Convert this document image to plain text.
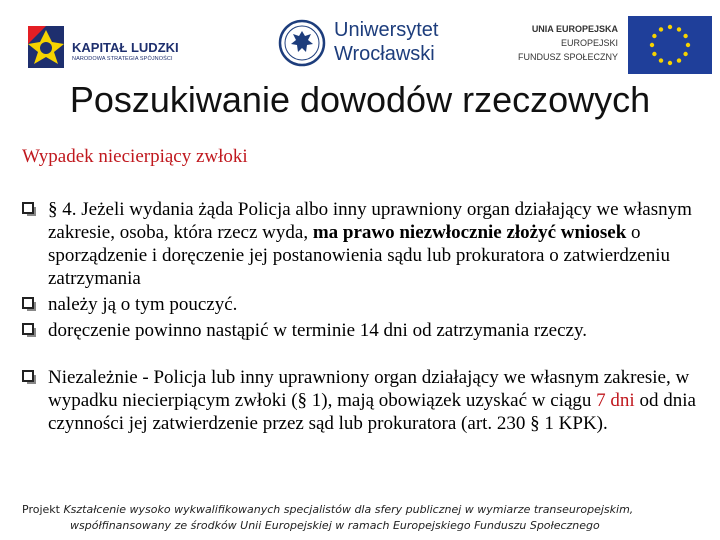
KAPITAŁ LUDZKI
NARODOWA STRATEGIA SPÓJNOŚCI
Uniwersytet
Wrocławski
UNIA EUROPEJSKA
EUROPEJSKI
FUNDUSZ SPOŁECZNY
Poszukiwanie dowodów rzeczowych
Wypadek niecierpiący zwłoki
§ 4. Jeżeli wydania żąda Policja albo inny uprawniony organ działający we własnym zakresie, osoba, która rzecz wyda, ma prawo niezwłocznie złożyć wniosek o sporządzenie i doręczenie jej postanowienia sądu lub prokuratora o zatwierdzeniu zatrzymania
należy ją o tym pouczyć.
doręczenie powinno nastąpić w terminie 14 dni od zatrzymania rzeczy.
Niezależnie - Policja lub inny uprawniony organ działający we własnym zakresie, w wypadku niecierpiącym zwłoki (§ 1), mają obowiązek uzyskać w ciągu 7 dni od dnia czynności jej zatwierdzenie przez sąd lub prokuratora (art. 230 § 1 KPK).
Projekt Kształcenie wysoko wykwalifikowanych specjalistów dla sfery publicznej w wymiarze transeuropejskim,
współfinansowany ze środków Unii Europejskiej w ramach Europejskiego Funduszu Społecznego
